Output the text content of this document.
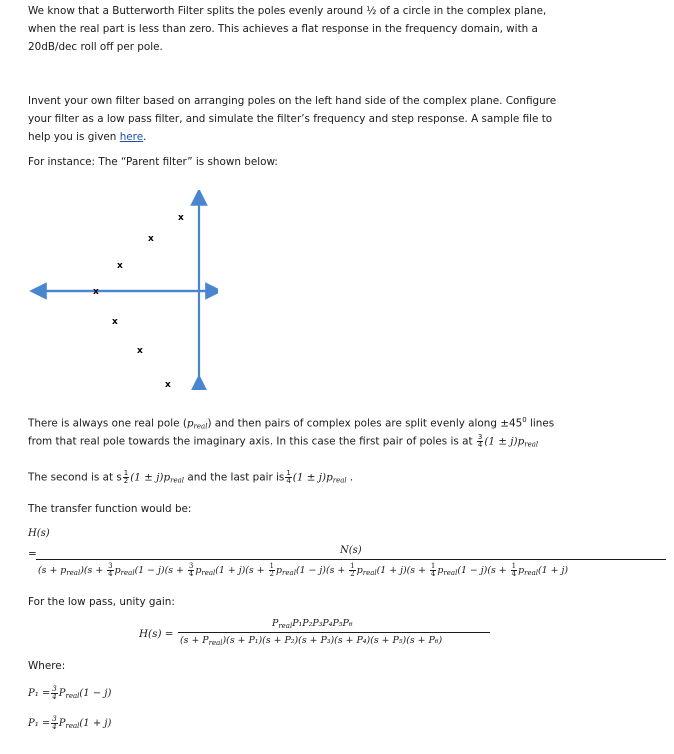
We know that a Butterworth Filter splits the poles evenly around ½ of a circle in the complex plane,
when the real part is less than zero. This achieves a flat response in the frequency domain, with a
20dB/dec roll off per pole.
Invent your own filter based on arranging poles on the left hand side of the complex plane. Configure
your filter as a low pass filter, and simulate the filter’s frequency and step response. A sample file to
help you is given here.
For instance: The “Parent filter” is shown below:
x
x
x
x
x
x
x
There is always one real pole $(p_{real})$ and then pairs of complex poles are split evenly along $\pm 45^0$ lines
from that real pole towards the imaginary axis. In this case the first pair of poles is at $\frac{3}{4} (1 \pm j)p_{real}$
The second is at s $\frac{1}{2} (1 \pm j)p_{real}$ and the last pair is $\frac{1}{4} (1 \pm j)p_{real}$ .
The transfer function would be:
H(s)
=	N(s)
$(s + p_{real})(s + \frac{3}{4} p_{real}(1 - j)(s + \frac{3}{4} p_{real}(1 + j)(s + \frac{1}{2} p_{real}(1 - j)(s + \frac{1}{2} p_{real}(1 + j)(s + \frac{1}{4} p_{real}(1 - j)(s + \frac{1}{4} p_{real}(1 + j)$
For the low pass, unity gain:
H(s) =
$P_{real}P_1P_2P_3P_4P_5P_6$
$(s + P_{real})(s + P_1)(s + P_2)(s + P_3)(s + P_4)(s + P_5)(s + P_6)$
Where:
$P_1 = \frac{3}{4} P_{real}(1 - j)$
$P_1 = \frac{3}{4} P_{real}(1 + j)$
